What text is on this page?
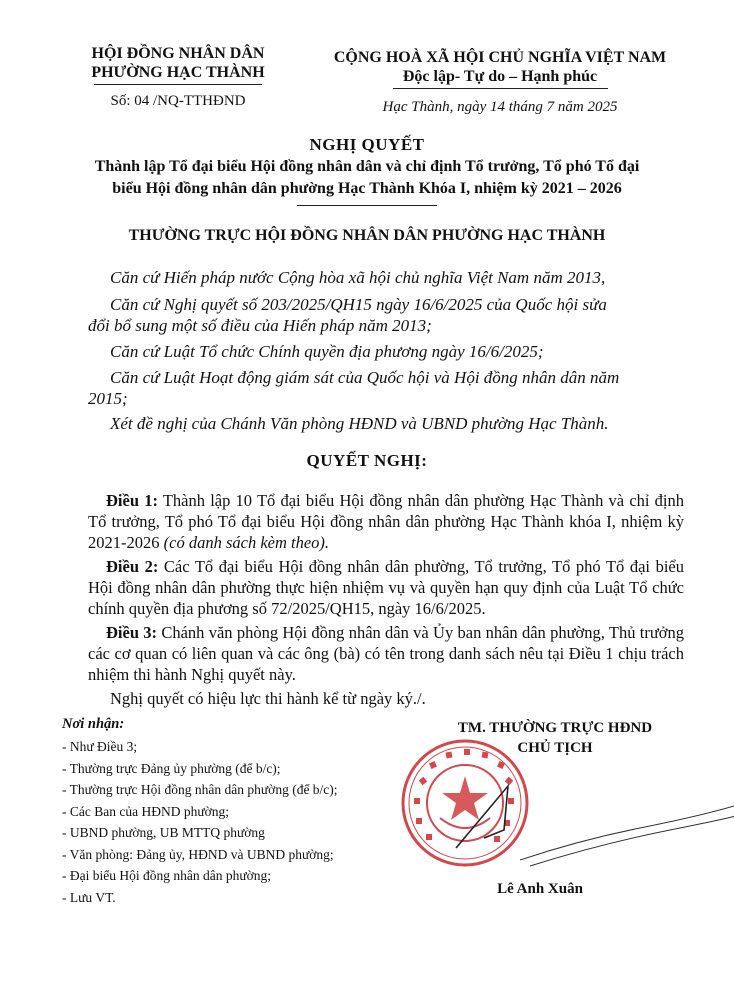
HỘI ĐỒNG NHÂN DÂN
PHƯỜNG HẠC THÀNH
Số: 04 /NQ-TTHĐND
CỘNG HOÀ XÃ HỘI CHỦ NGHĨA VIỆT NAM
Độc lập- Tự do – Hạnh phúc
Hạc Thành, ngày 14 tháng 7 năm 2025
NGHỊ QUYẾT
Thành lập Tổ đại biểu Hội đồng nhân dân và chỉ định Tổ trưởng, Tổ phó Tổ đại
biểu Hội đồng nhân dân phường Hạc Thành Khóa I, nhiệm kỳ 2021 – 2026
THƯỜNG TRỰC HỘI ĐỒNG NHÂN DÂN PHƯỜNG HẠC THÀNH
Căn cứ Hiến pháp nước Cộng hòa xã hội chủ nghĩa Việt Nam năm 2013,
Căn cứ Nghị quyết số 203/2025/QH15 ngày 16/6/2025 của Quốc hội sửa
đổi bổ sung một số điều của Hiến pháp năm 2013;
Căn cứ Luật Tổ chức Chính quyền địa phương ngày 16/6/2025;
Căn cứ Luật Hoạt động giám sát của Quốc hội và Hội đồng nhân dân năm
2015;
Xét đề nghị của Chánh Văn phòng HĐND và UBND phường Hạc Thành.
QUYẾT NGHỊ:
Điều 1: Thành lập 10 Tổ đại biểu Hội đồng nhân dân phường Hạc Thành và chỉ định Tổ trưởng, Tổ phó Tổ đại biểu Hội đồng nhân dân phường Hạc Thành khóa I, nhiệm kỳ 2021-2026 (có danh sách kèm theo).
Điều 2: Các Tổ đại biểu Hội đồng nhân dân phường, Tổ trưởng, Tổ phó Tổ đại biểu Hội đồng nhân dân phường thực hiện nhiệm vụ và quyền hạn quy định của Luật Tổ chức chính quyền địa phương số 72/2025/QH15, ngày 16/6/2025.
Điều 3: Chánh văn phòng Hội đồng nhân dân và Ủy ban nhân dân phường, Thủ trưởng các cơ quan có liên quan và các ông (bà) có tên trong danh sách nêu tại Điều 1 chịu trách nhiệm thi hành Nghị quyết này.
Nghị quyết có hiệu lực thi hành kể từ ngày ký./.
Nơi nhận:
- Như Điều 3;
- Thường trực Đảng ủy phường (để b/c);
- Thường trực Hội đồng nhân dân phường (để b/c);
- Các Ban của HĐND phường;
- UBND phường, UB MTTQ phường
- Văn phòng: Đảng ủy, HĐND và UBND phường;
- Đại biểu Hội đồng nhân dân phường;
- Lưu VT.
TM. THƯỜNG TRỰC HĐND
CHỦ TỊCH
Lê Anh Xuân
